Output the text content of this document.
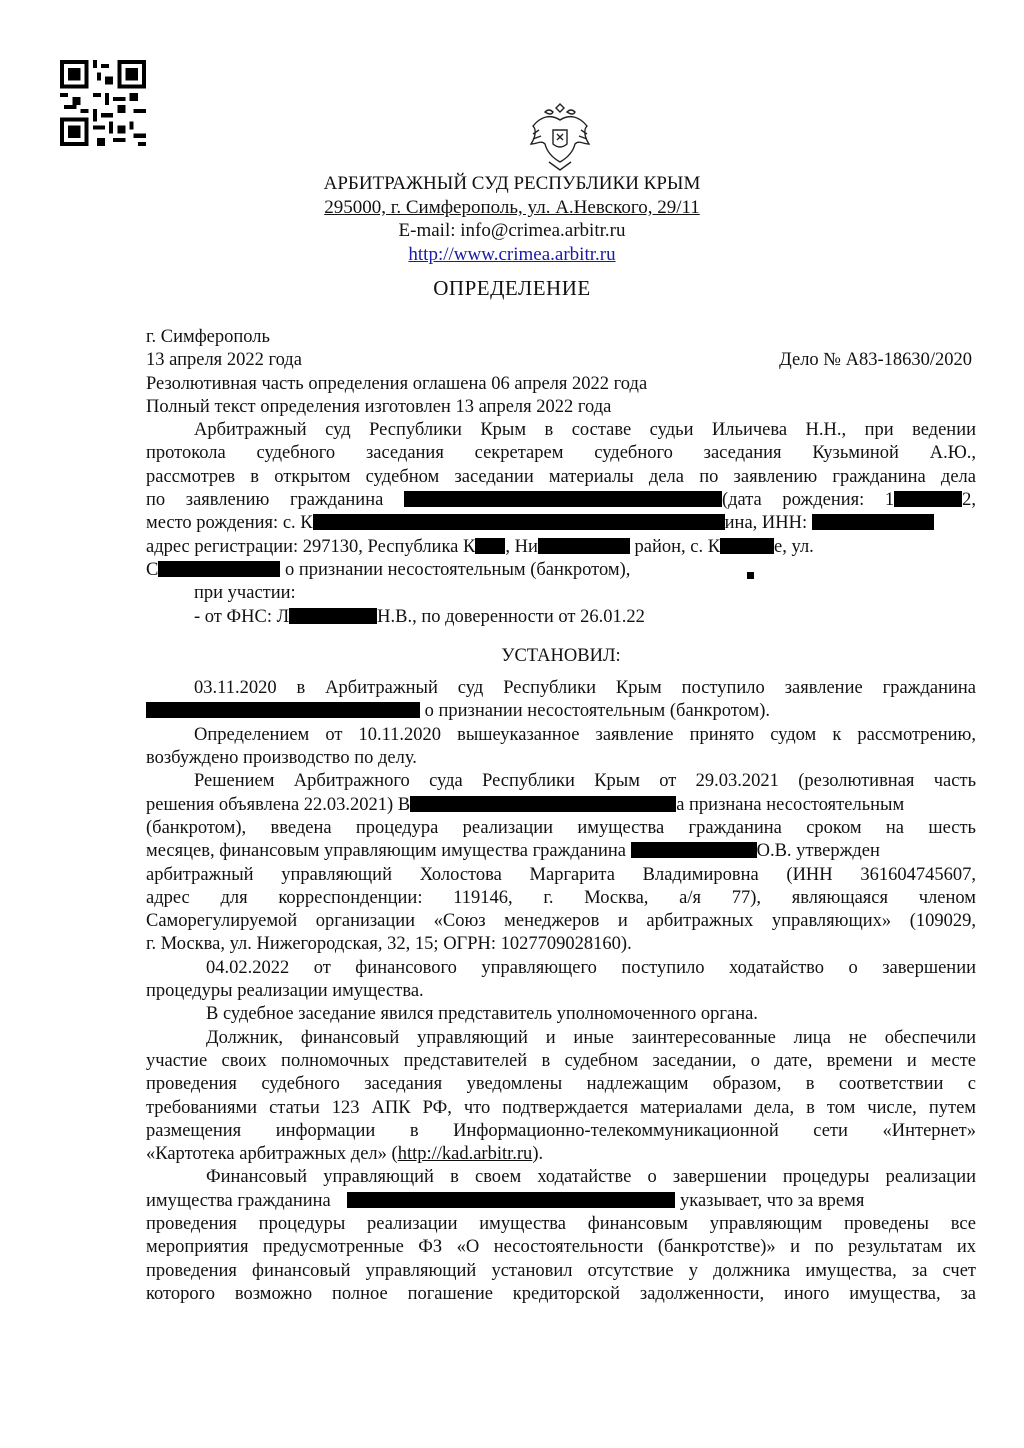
АРБИТРАЖНЫЙ СУД РЕСПУБЛИКИ КРЫМ
295000, г. Симферополь, ул. А.Невского, 29/11
E-mail: info@crimea.arbitr.ru
http://www.crimea.arbitr.ru
ОПРЕДЕЛЕНИЕ
г. Симферополь
13 апреля 2022 года	Дело № А83-18630/2020
Резолютивная часть определения оглашена 06 апреля 2022 года
Полный текст определения изготовлен 13 апреля 2022 года
Арбитражный суд Республики Крым в составе судьи Ильичева Н.Н., при ведении
протокола судебного заседания секретарем судебного заседания Кузьминой А.Ю.,
рассмотрев в открытом судебном заседании материалы дела по заявлению гражданина дела
по заявлению гражданина	(дата рождения: 1	2,
место рождения: с. К	ина, ИНН:
адрес регистрации: 297130, Республика К , Ни	район, с. К	е, ул.
С	о признании несостоятельным (банкротом),
при участии:
- от ФНС: Л	Н.В., по доверенности от 26.01.22
УСТАНОВИЛ:
03.11.2020 в Арбитражный суд Республики Крым поступило заявление гражданина
о признании несостоятельным (банкротом).
Определением от 10.11.2020 вышеуказанное заявление принято судом к рассмотрению,
возбуждено производство по делу.
Решением Арбитражного суда Республики Крым от 29.03.2021 (резолютивная часть
решения объявлена 22.03.2021) В	а признана несостоятельным
(банкротом), введена процедура реализации имущества гражданина сроком на шесть
месяцев, финансовым управляющим имущества гражданина	О.В. утвержден
арбитражный управляющий Холостова Маргарита Владимировна (ИНН 361604745607,
адрес для корреспонденции: 119146, г. Москва, а/я 77), являющаяся членом
Саморегулируемой организации «Союз менеджеров и арбитражных управляющих» (109029,
г. Москва, ул. Нижегородская, 32, 15; ОГРН: 1027709028160).
04.02.2022 от финансового управляющего поступило ходатайство о завершении
процедуры реализации имущества.
В судебное заседание явился представитель уполномоченного органа.
Должник, финансовый управляющий и иные заинтересованные лица не обеспечили
участие своих полномочных представителей в судебном заседании, о дате, времени и месте
проведения судебного заседания уведомлены надлежащим образом, в соответствии с
требованиями статьи 123 АПК РФ, что подтверждается материалами дела, в том числе, путем
размещения информации в Информационно-телекоммуникационной сети «Интернет»
«Картотека арбитражных дел» (http://kad.arbitr.ru).
Финансовый управляющий в своем ходатайстве о завершении процедуры реализации
имущества гражданина	указывает, что за время
проведения процедуры реализации имущества финансовым управляющим проведены все
мероприятия предусмотренные ФЗ «О несостоятельности (банкротстве)» и по результатам их
проведения финансовый управляющий установил отсутствие у должника имущества, за счет
которого возможно полное погашение кредиторской задолженности, иного имущества, за
